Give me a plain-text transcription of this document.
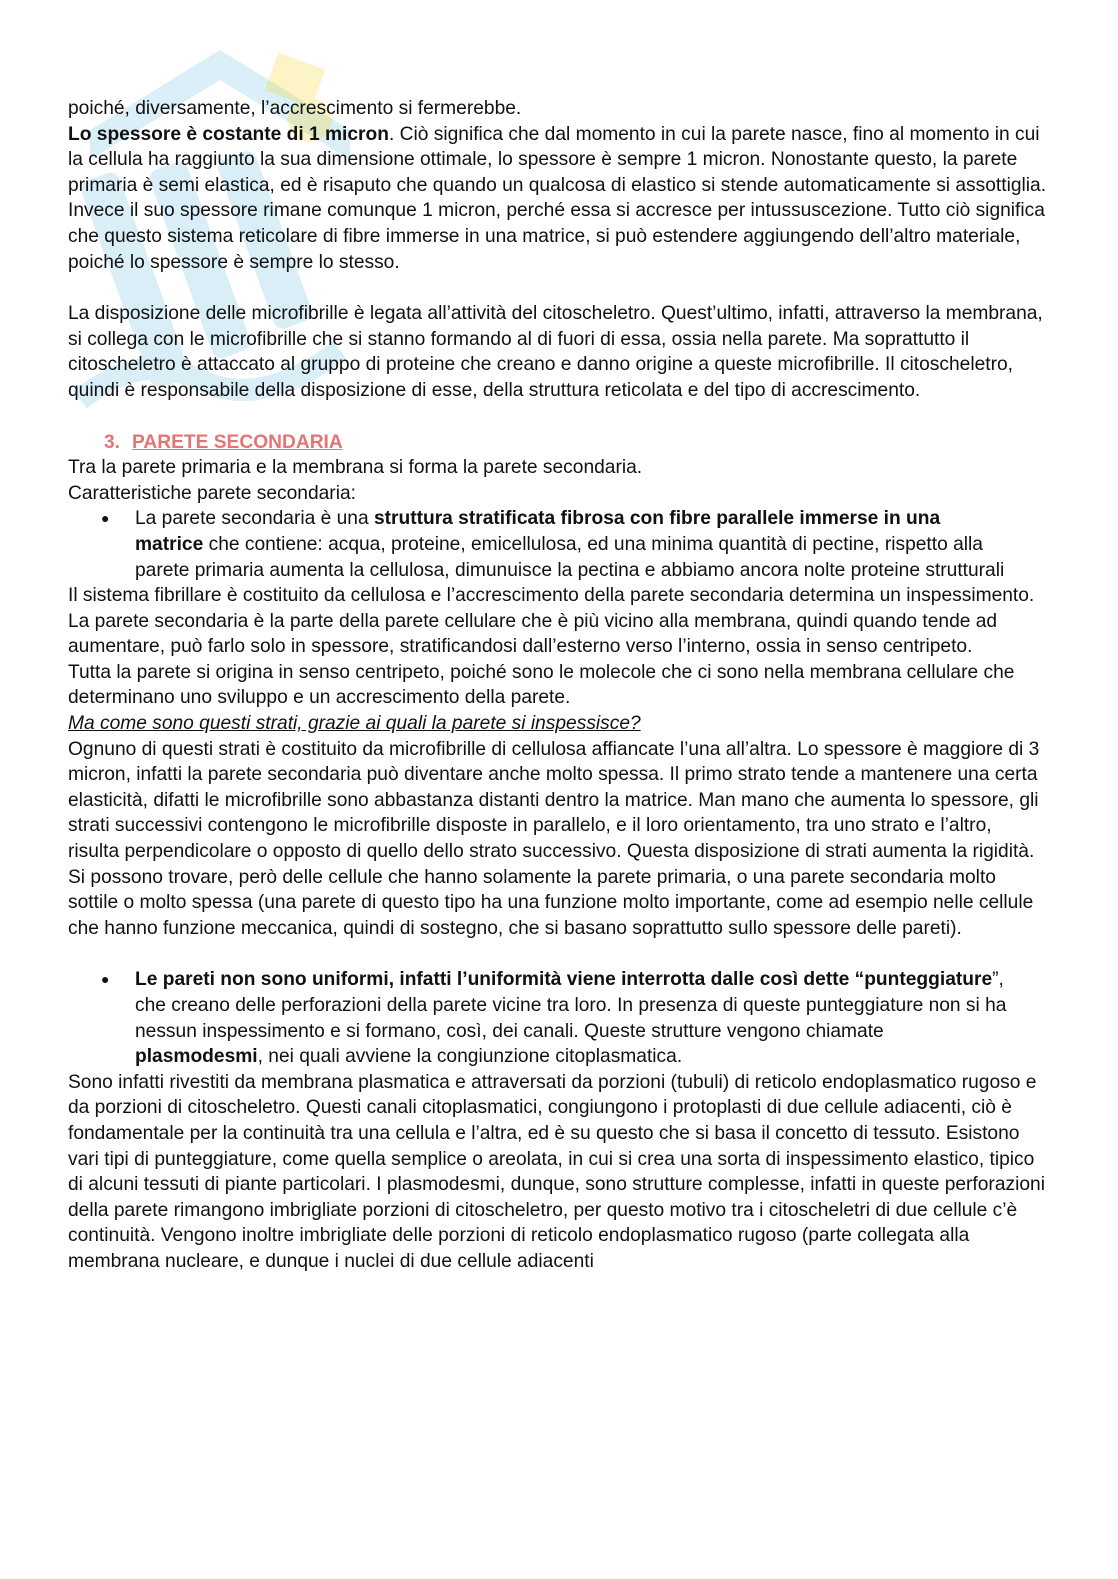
poiché, diversamente, l’accrescimento si fermerebbe.

Lo spessore è costante di 1 micron. Ciò significa che dal momento in cui la parete nasce, fino al momento in cui la cellula ha raggiunto la sua dimensione ottimale, lo spessore è sempre 1 micron. Nonostante questo, la parete primaria è semi elastica, ed è risaputo che quando un qualcosa di elastico si stende automaticamente si assottiglia. Invece il suo spessore rimane comunque 1 micron, perché essa si accresce per intussuscezione. Tutto ciò significa che questo sistema reticolare di fibre immerse in una matrice, si può estendere aggiungendo dell’altro materiale, poiché lo spessore è sempre lo stesso.

La disposizione delle microfibrille è legata all’attività del citoscheletro. Quest’ultimo, infatti, attraverso la membrana, si collega con le microfibrille che si stanno formando al di fuori di essa, ossia nella parete. Ma soprattutto il citoscheletro è attaccato al gruppo di proteine che creano e danno origine a queste microfibrille. Il citoscheletro, quindi è responsabile della disposizione di esse, della struttura reticolata e del tipo di accrescimento.

3. PARETE SECONDARIA

Tra la parete primaria e la membrana si forma la parete secondaria.

Caratteristiche parete secondaria:

● La parete secondaria è una struttura stratificata fibrosa con fibre parallele immerse in una matrice che contiene: acqua, proteine, emicellulosa, ed una minima quantità di pectine, rispetto alla parete primaria aumenta la cellulosa, dimunuisce la pectina e abbiamo ancora nolte proteine strutturali

Il sistema fibrillare è costituito da cellulosa e l’accrescimento della parete secondaria determina un inspessimento. La parete secondaria è la parte della parete cellulare che è più vicino alla membrana, quindi quando tende ad aumentare, può farlo solo in spessore, stratificandosi dall’esterno verso l’interno, ossia in senso centripeto.

Tutta la parete si origina in senso centripeto, poiché sono le molecole che ci sono nella membrana cellulare che determinano uno sviluppo e un accrescimento della parete.

Ma come sono questi strati, grazie ai quali la parete si inspessisce?

Ognuno di questi strati è costituito da microfibrille di cellulosa affiancate l’una all’altra. Lo spessore è maggiore di 3 micron, infatti la parete secondaria può diventare anche molto spessa. Il primo strato tende a mantenere una certa elasticità, difatti le microfibrille sono abbastanza distanti dentro la matrice. Man mano che aumenta lo spessore, gli strati successivi contengono le microfibrille disposte in parallelo, e il loro orientamento, tra uno strato e l’altro, risulta perpendicolare o opposto di quello dello strato successivo. Questa disposizione di strati aumenta la rigidità.

Si possono trovare, però delle cellule che hanno solamente la parete primaria, o una parete secondaria molto sottile o molto spessa (una parete di questo tipo ha una funzione molto importante, come ad esempio nelle cellule che hanno funzione meccanica, quindi di sostegno, che si basano soprattutto sullo spessore delle pareti).

● Le pareti non sono uniformi, infatti l’uniformità viene interrotta dalle così dette “punteggiature”, che creano delle perforazioni della parete vicine tra loro. In presenza di queste punteggiature non si ha nessun inspessimento e si formano, così, dei canali. Queste strutture vengono chiamate plasmodesmi, nei quali avviene la congiunzione citoplasmatica.

Sono infatti rivestiti da membrana plasmatica e attraversati da porzioni (tubuli) di reticolo endoplasmatico rugoso e da porzioni di citoscheletro. Questi canali citoplasmatici, congiungono i protoplasti di due cellule adiacenti, ciò è fondamentale per la continuità tra una cellula e l’altra, ed è su questo che si basa il concetto di tessuto. Esistono vari tipi di punteggiature, come quella semplice o areolata, in cui si crea una sorta di inspessimento elastico, tipico di alcuni tessuti di piante particolari. I plasmodesmi, dunque, sono strutture complesse, infatti in queste perforazioni della parete rimangono imbrigliate porzioni di citoscheletro, per questo motivo tra i citoscheletri di due cellule c’è continuità. Vengono inoltre imbrigliate delle porzioni di reticolo endoplasmatico rugoso (parte collegata alla membrana nucleare, e dunque i nuclei di due cellule adiacenti
